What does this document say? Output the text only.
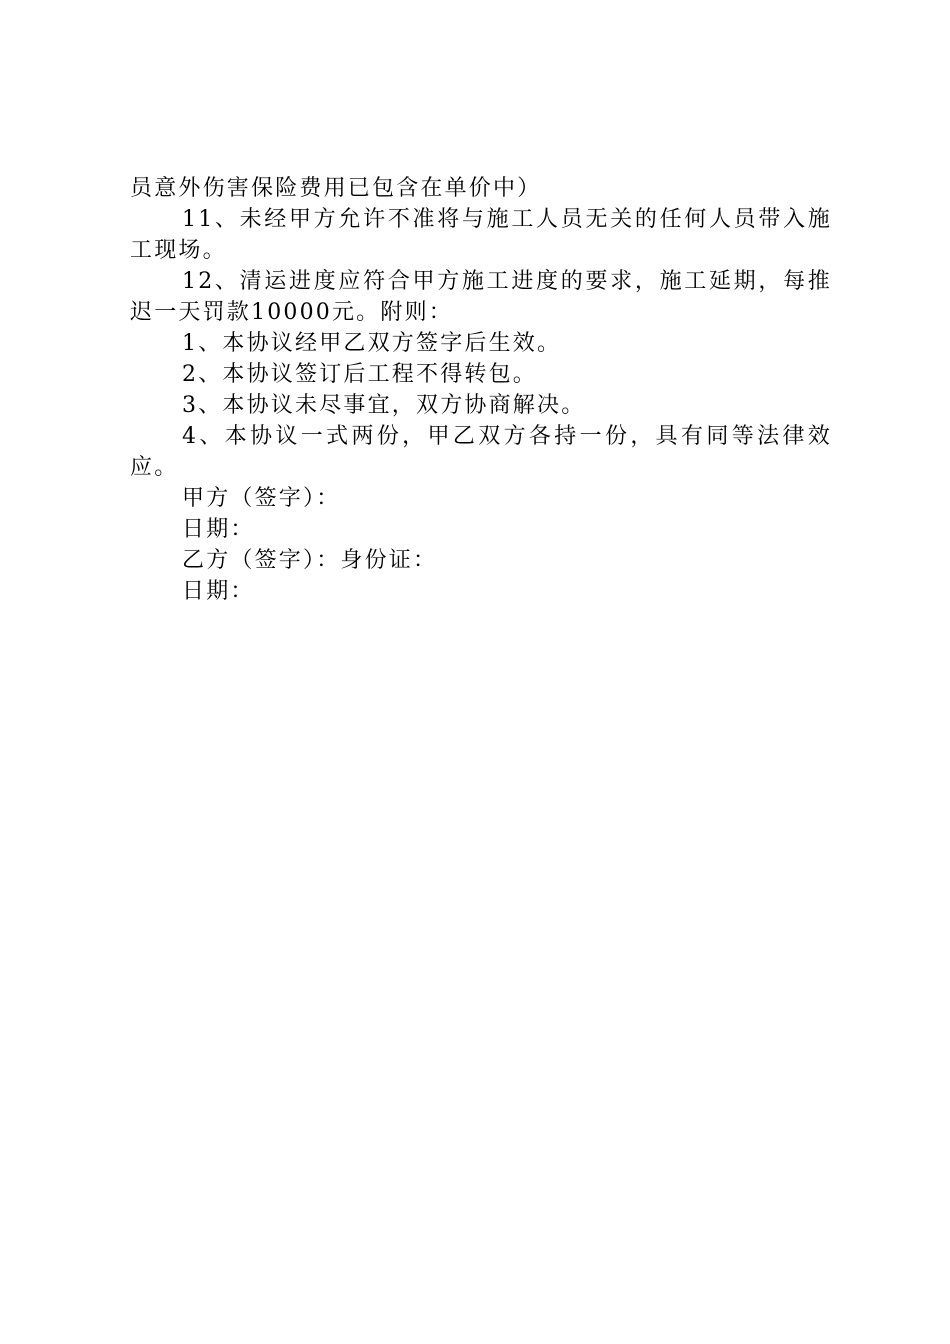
员意外伤害保险费用已包含在单价中）

11、未经甲方允许不准将与施工人员无关的任何人员带入施工现场。

12、清运进度应符合甲方施工进度的要求，施工延期，每推迟一天罚款10000元。附则：

1、本协议经甲乙双方签字后生效。

2、本协议签订后工程不得转包。

3、本协议未尽事宜，双方协商解决。

4、本协议一式两份，甲乙双方各持一份，具有同等法律效应。

甲方（签字）：

日期：

乙方（签字）：身份证：

日期：
